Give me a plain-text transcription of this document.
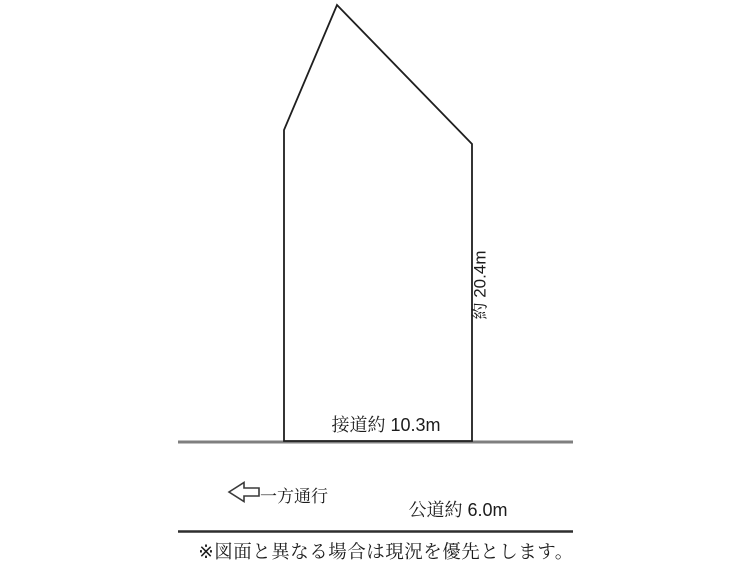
接道約 10.3m
約 20.4m
一方通行
公道約 6.0m
※図面と異なる場合は現況を優先とします。
